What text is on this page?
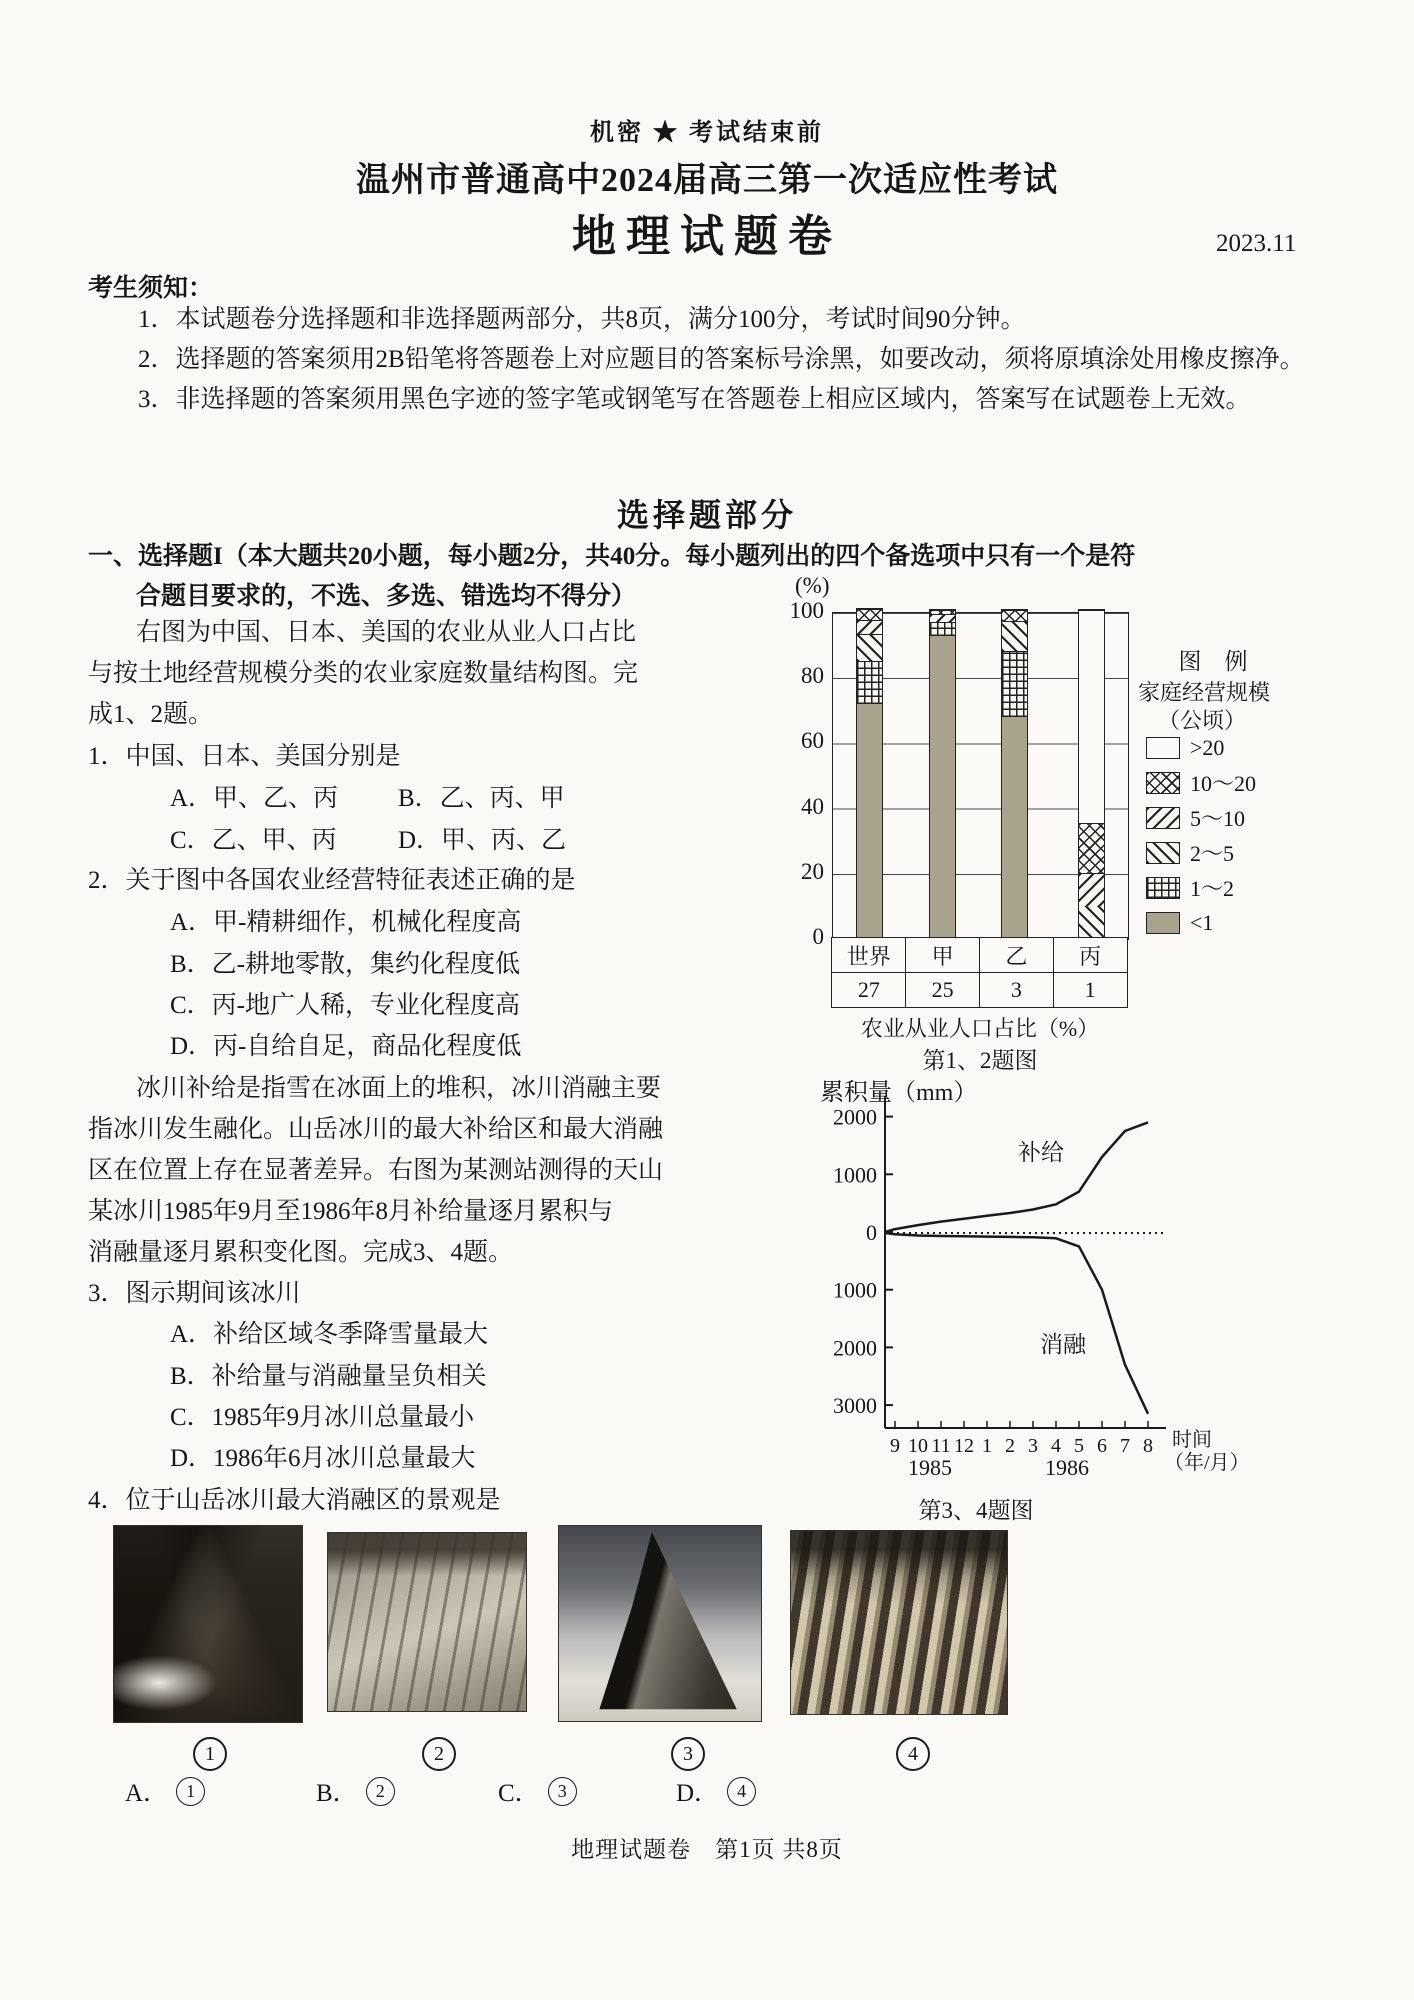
机密 ★ 考试结束前
温州市普通高中2024届高三第一次适应性考试
地理试题卷	2023.11
考生须知：
1．本试题卷分选择题和非选择题两部分，共8页，满分100分，考试时间90分钟。
2．选择题的答案须用2B铅笔将答题卷上对应题目的答案标号涂黑，如要改动，须将原填涂处用橡皮擦净。
3．非选择题的答案须用黑色字迹的签字笔或钢笔写在答题卷上相应区域内，答案写在试题卷上无效。
选择题部分
一、选择题I（本大题共20小题，每小题2分，共40分。每小题列出的四个备选项中只有一个是符
合题目要求的，不选、多选、错选均不得分）
右图为中国、日本、美国的农业从业人口占比
与按土地经营规模分类的农业家庭数量结构图。完
成1、2题。
1．中国、日本、美国分别是
A．甲、乙、丙 B．乙、丙、甲
C．乙、甲、丙 D．甲、丙、乙
2．关于图中各国农业经营特征表述正确的是
A．甲-精耕细作，机械化程度高
B．乙-耕地零散，集约化程度低
C．丙-地广人稀，专业化程度高
D．丙-自给自足，商品化程度低
冰川补给是指雪在冰面上的堆积，冰川消融主要
指冰川发生融化。山岳冰川的最大补给区和最大消融
区在位置上存在显著差异。右图为某测站测得的天山
某冰川1985年9月至1986年8月补给量逐月累积与
消融量逐月累积变化图。完成3、4题。
3．图示期间该冰川
A．补给区域冬季降雪量最大
B．补给量与消融量呈负相关
C．1985年9月冰川总量最小
D．1986年6月冰川总量最大
4．位于山岳冰川最大消融区的景观是
(%)
100
80
60
40
20
0
世界	甲	乙	丙
27	25	3	1
农业从业人口占比（%）
第1、2题图
图　例
家庭经营规模
（公顷）
>20
10～20
5～10
2～5
1～2
<1
累积量（mm）
2000
1000
0
1000
2000
3000
9 10 11 12 1 2 3 4 5 6 7 8
1985	1986
时间
（年/月）
补给
消融
第3、4题图
1	2	3	4
A．	1	B．	2	C．	3	D．	4
地理试题卷　第1页 共8页
